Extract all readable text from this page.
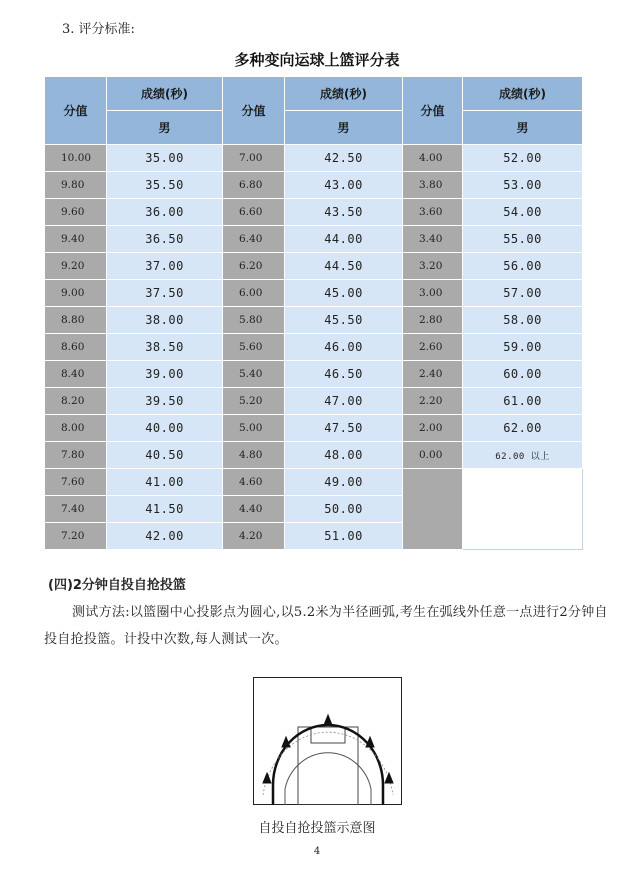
3. 评分标准:
多种变向运球上篮评分表
分值	成绩(秒)	分值	成绩(秒)	分值	成绩(秒)
	男		男		男
10.00	35.00	7.00	42.50	4.00	52.00
9.80	35.50	6.80	43.00	3.80	53.00
9.60	36.00	6.60	43.50	3.60	54.00
9.40	36.50	6.40	44.00	3.40	55.00
9.20	37.00	6.20	44.50	3.20	56.00
9.00	37.50	6.00	45.00	3.00	57.00
8.80	38.00	5.80	45.50	2.80	58.00
8.60	38.50	5.60	46.00	2.60	59.00
8.40	39.00	5.40	46.50	2.40	60.00
8.20	39.50	5.20	47.00	2.20	61.00
8.00	40.00	5.00	47.50	2.00	62.00
7.80	40.50	4.80	48.00	0.00	62.00 以上
7.60	41.00	4.60	49.00		
7.40	41.50	4.40	50.00		
7.20	42.00	4.20	51.00		
(四)2分钟自投自抢投篮
测试方法:以篮圈中心投影点为圆心,以5.2米为半径画弧,考生在弧线外任意一点进行2分钟自投自抢投篮。计投中次数,每人测试一次。
自投自抢投篮示意图
4
